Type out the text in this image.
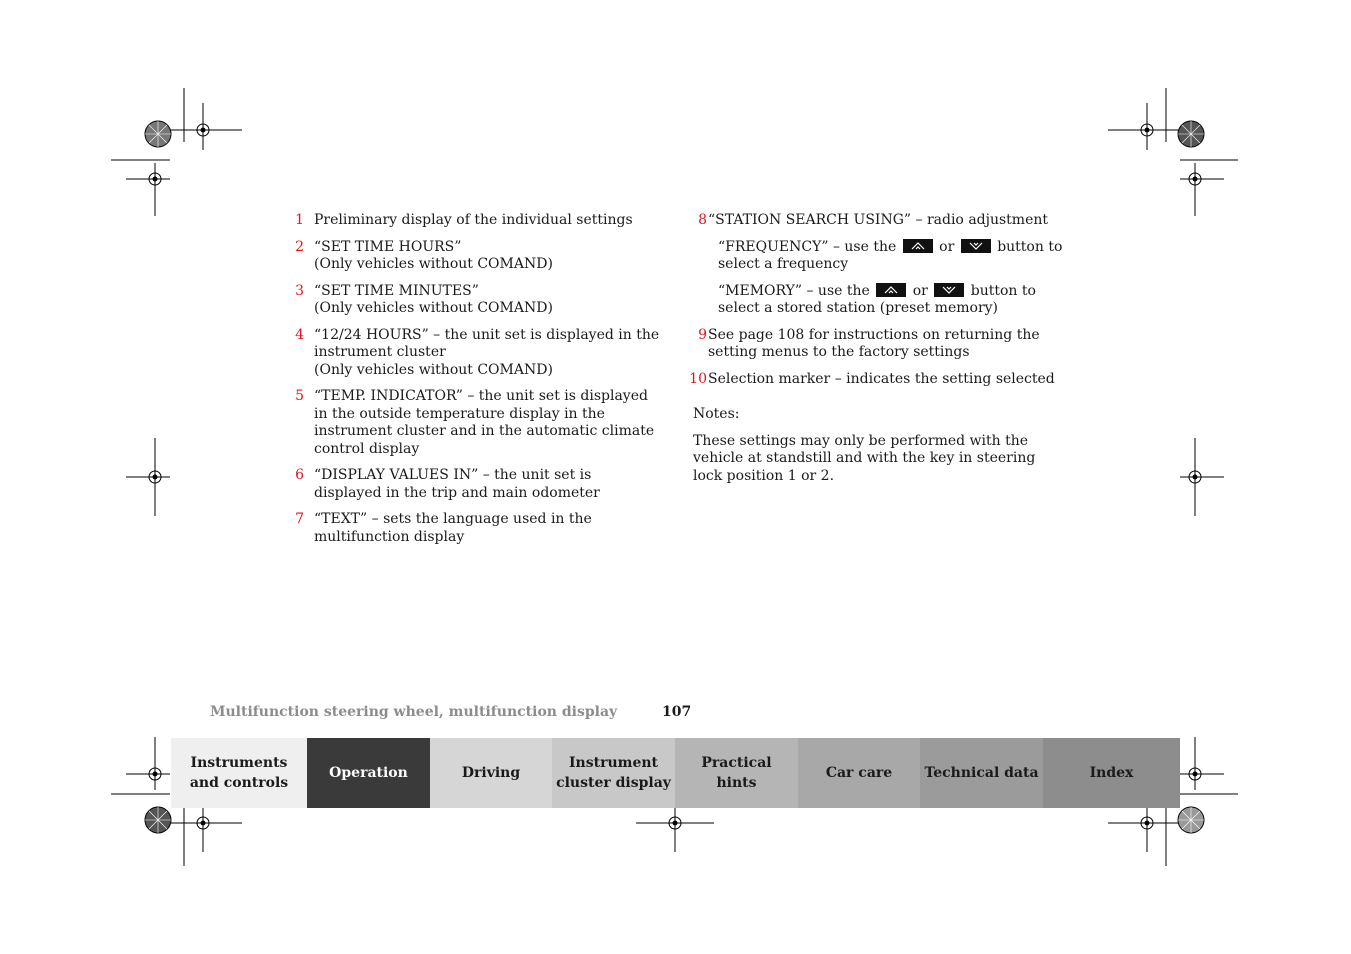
1 Preliminary display of the individual settings

2 “SET TIME HOURS”

(Only vehicles without COMAND)

3 “SET TIME MINUTES”

(Only vehicles without COMAND)

4 “12/24 HOURS” – the unit set is displayed in the instrument cluster

(Only vehicles without COMAND)

5 “TEMP. INDICATOR” – the unit set is displayed in the outside temperature display in the instrument cluster and in the automatic climate control display

6 “DISPLAY VALUES IN” – the unit set is displayed in the trip and main odometer

7 “TEXT” – sets the language used in the multifunction display

8 “STATION SEARCH USING” – radio adjustment

“FREQUENCY” – use the	or	button to select a frequency

“MEMORY” – use the	or	button to select a stored station (preset memory)

9 See page 108 for instructions on returning the setting menus to the factory settings

10 Selection marker – indicates the setting selected

Notes:

These settings may only be performed with the vehicle at standstill and with the key in steering lock position 1 or 2.

Multifunction steering wheel, multifunction display	107
Instruments and controls
Operation	Driving
Instrument cluster display
Practical hints
Car care Technical data	Index
